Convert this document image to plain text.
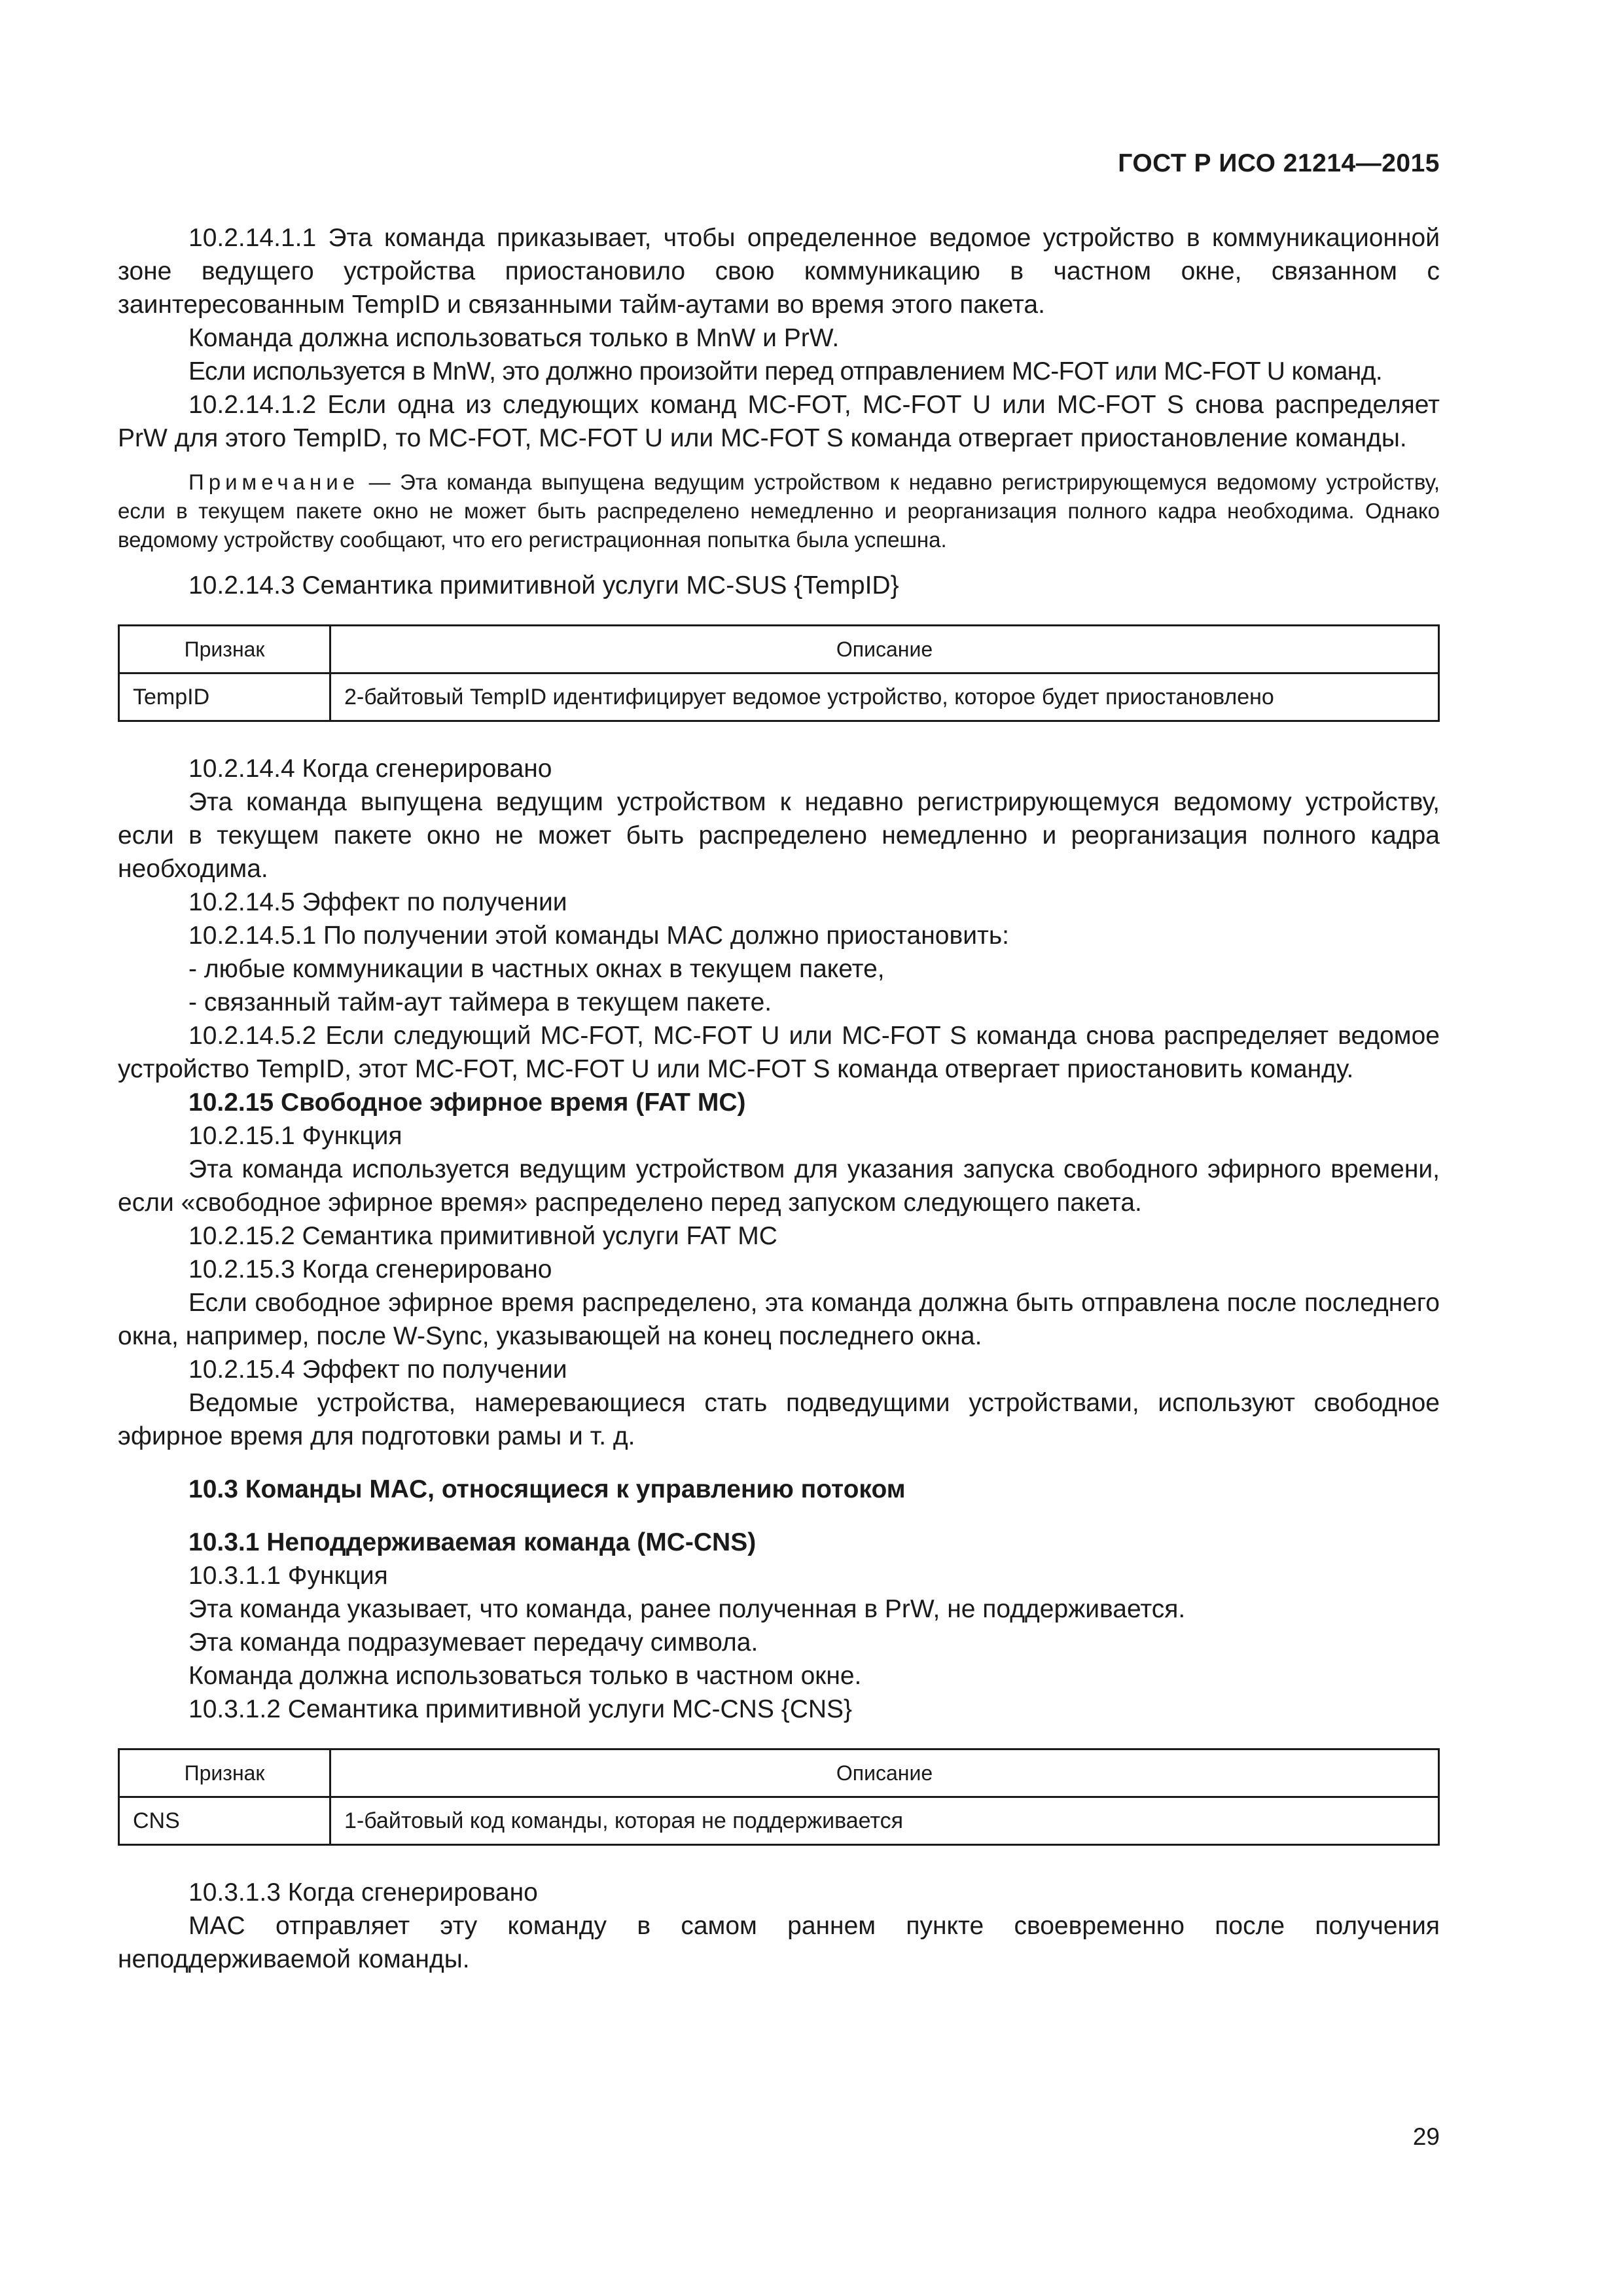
ГОСТ Р ИСО 21214—2015

10.2.14.1.1 Эта команда приказывает, чтобы определенное ведомое устройство в коммуникационной зоне ведущего устройства приостановило свою коммуникацию в частном окне, связанном с заинтересованным TempID и связанными тайм-аутами во время этого пакета.

Команда должна использоваться только в MnW и PrW.

Если используется в MnW, это должно произойти перед отправлением MC-FOT или MC-FOT U команд.

10.2.14.1.2 Если одна из следующих команд MC-FOT, MC-FOT U или MC-FOT S снова распределяет PrW для этого TempID, то MC-FOT, MC-FOT U или MC-FOT S команда отвергает приостановление команды.

Примечание — Эта команда выпущена ведущим устройством к недавно регистрирующемуся ведомому устройству, если в текущем пакете окно не может быть распределено немедленно и реорганизация полного кадра необходима. Однако ведомому устройству сообщают, что его регистрационная попытка была успешна.

10.2.14.3 Семантика примитивной услуги MC-SUS {TempID}

Признак	Описание
TempID	2-байтовый TempID идентифицирует ведомое устройство, которое будет приостановлено

10.2.14.4 Когда сгенерировано

Эта команда выпущена ведущим устройством к недавно регистрирующемуся ведомому устройству, если в текущем пакете окно не может быть распределено немедленно и реорганизация полного кадра необходима.

10.2.14.5 Эффект по получении

10.2.14.5.1 По получении этой команды MAC должно приостановить:

- любые коммуникации в частных окнах в текущем пакете,

- связанный тайм-аут таймера в текущем пакете.

10.2.14.5.2 Если следующий MC-FOT, MC-FOT U или MC-FOT S команда снова распределяет ведомое устройство TempID, этот MC-FOT, MC-FOT U или MC-FOT S команда отвергает приостановить команду.

10.2.15 Свободное эфирное время (FAT MC)

10.2.15.1 Функция

Эта команда используется ведущим устройством для указания запуска свободного эфирного времени, если «свободное эфирное время» распределено перед запуском следующего пакета.

10.2.15.2 Семантика примитивной услуги FAT MC

10.2.15.3 Когда сгенерировано

Если свободное эфирное время распределено, эта команда должна быть отправлена после последнего окна, например, после W-Sync, указывающей на конец последнего окна.

10.2.15.4 Эффект по получении

Ведомые устройства, намеревающиеся стать подведущими устройствами, используют свободное эфирное время для подготовки рамы и т. д.

10.3 Команды MAC, относящиеся к управлению потоком

10.3.1 Неподдерживаемая команда (MC-CNS)

10.3.1.1 Функция

Эта команда указывает, что команда, ранее полученная в PrW, не поддерживается.

Эта команда подразумевает передачу символа.

Команда должна использоваться только в частном окне.

10.3.1.2 Семантика примитивной услуги MC-CNS {CNS}

Признак	Описание
CNS	1-байтовый код команды, которая не поддерживается

10.3.1.3 Когда сгенерировано

MAC отправляет эту команду в самом раннем пункте своевременно после получения неподдерживаемой команды.

29
